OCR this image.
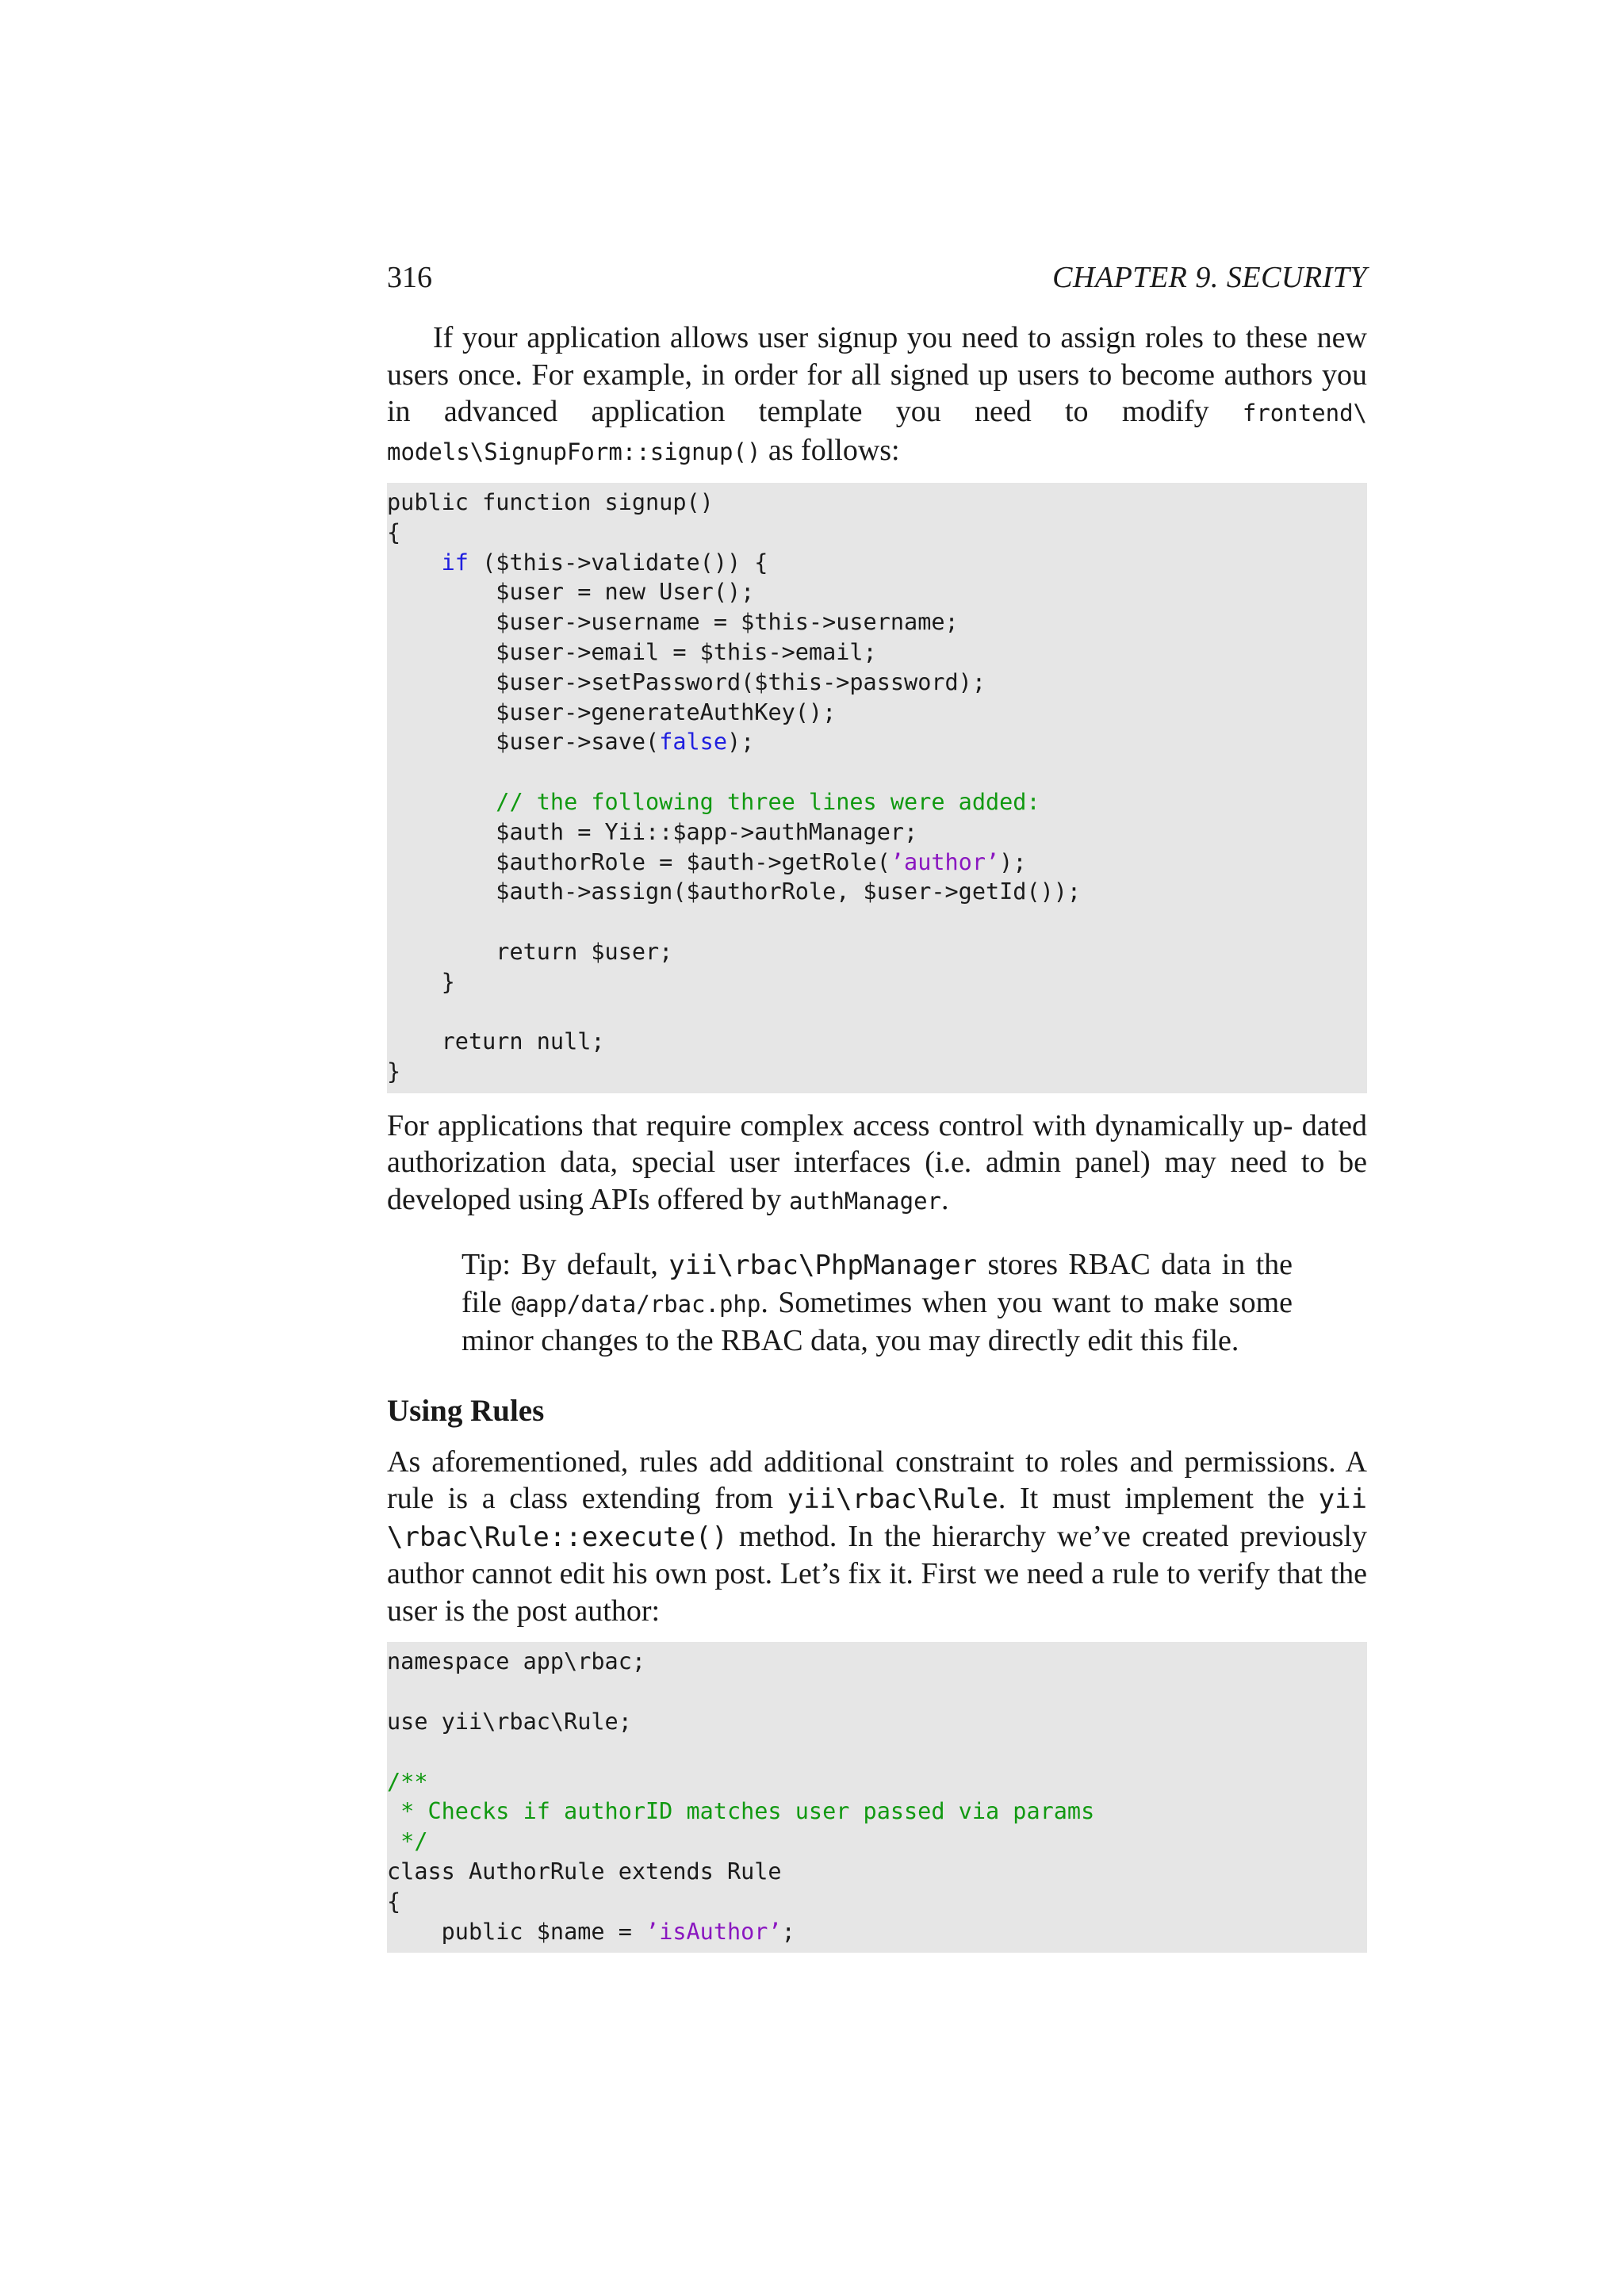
316	CHAPTER 9. SECURITY

If your application allows user signup you need to assign roles to these new users once. For example, in order for all signed up users to become authors you in advanced application template you need to modify frontend\ models\SignupForm::signup() as follows:

public function signup()
{
if ($this->validate()) {
$user = new User();
$user->username = $this->username;
$user->email = $this->email;
$user->setPassword($this->password);
$user->generateAuthKey();
$user->save(false);
// the following three lines were added:
$auth = Yii::$app->authManager;
$authorRole = $auth->getRole(’author’);
$auth->assign($authorRole, $user->getId());
return $user;
}
return null;
}

For applications that require complex access control with dynamically up- dated authorization data, special user interfaces (i.e. admin panel) may need to be developed using APIs offered by authManager.

Tip: By default, yii\rbac\PhpManager stores RBAC data in the file @app/data/rbac.php. Sometimes when you want to make some minor changes to the RBAC data, you may directly edit this file.

Using Rules

As aforementioned, rules add additional constraint to roles and permissions. A rule is a class extending from yii\rbac\Rule. It must implement the yii \rbac\Rule::execute() method. In the hierarchy we’ve created previously author cannot edit his own post. Let’s fix it. First we need a rule to verify that the user is the post author:

namespace app\rbac;
use yii\rbac\Rule;
/**
* Checks if authorID matches user passed via params
*/
class AuthorRule extends Rule
{
public $name = ’isAuthor’;
